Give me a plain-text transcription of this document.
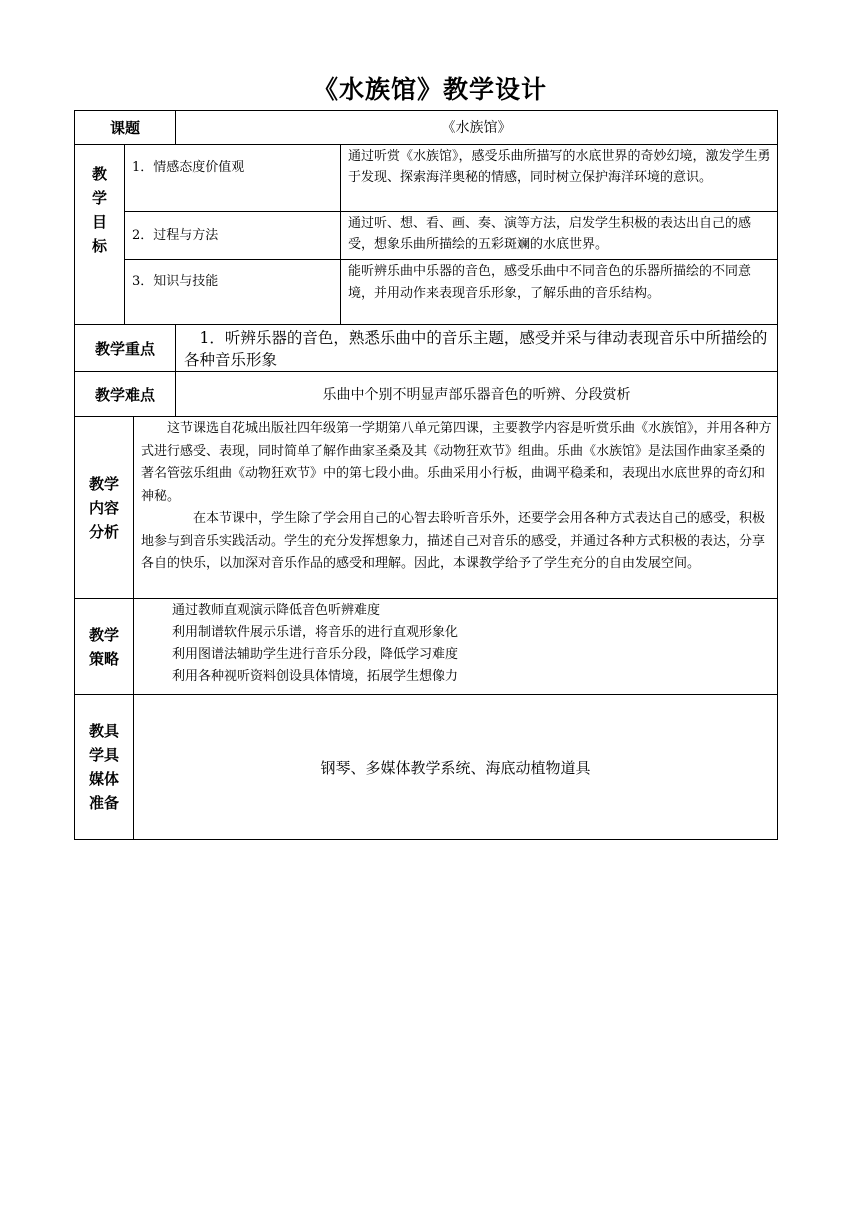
《水族馆》教学设计
课题	《水族馆》
教
学
目
标
1．情感态度价值观
通过听赏《水族馆》，感受乐曲所描写的水底世界的奇妙幻境，激发学生勇于发现、探索海洋奥秘的情感，同时树立保护海洋环境的意识。
2．过程与方法
通过听、想、看、画、奏、演等方法，启发学生积极的表达出自己的感受，想象乐曲所描绘的五彩斑斓的水底世界。
3．知识与技能
能听辨乐曲中乐器的音色，感受乐曲中不同音色的乐器所描绘的不同意境，并用动作来表现音乐形象，了解乐曲的音乐结构。
教学重点
1．听辨乐器的音色，熟悉乐曲中的音乐主题，感受并采与律动表现音乐中所描绘的各种音乐形象
教学难点	乐曲中个别不明显声部乐器音色的听辨、分段赏析
教学
内容
分析
这节课选自花城出版社四年级第一学期第八单元第四课，主要教学内容是听赏乐曲《水族馆》，并用各种方式进行感受、表现，同时简单了解作曲家圣桑及其《动物狂欢节》组曲。乐曲《水族馆》是法国作曲家圣桑的著名管弦乐组曲《动物狂欢节》中的第七段小曲。乐曲采用小行板，曲调平稳柔和，表现出水底世界的奇幻和神秘。
在本节课中，学生除了学会用自己的心智去聆听音乐外，还要学会用各种方式表达自己的感受，积极地参与到音乐实践活动。学生的充分发挥想象力，描述自己对音乐的感受，并通过各种方式积极的表达，分享各自的快乐，以加深对音乐作品的感受和理解。因此，本课教学给予了学生充分的自由发展空间。
教学
策略
通过教师直观演示降低音色听辨难度
利用制谱软件展示乐谱，将音乐的进行直观形象化
利用图谱法辅助学生进行音乐分段，降低学习难度
利用各种视听资料创设具体情境，拓展学生想像力
教具
学具
媒体
准备
钢琴、多媒体教学系统、海底动植物道具
